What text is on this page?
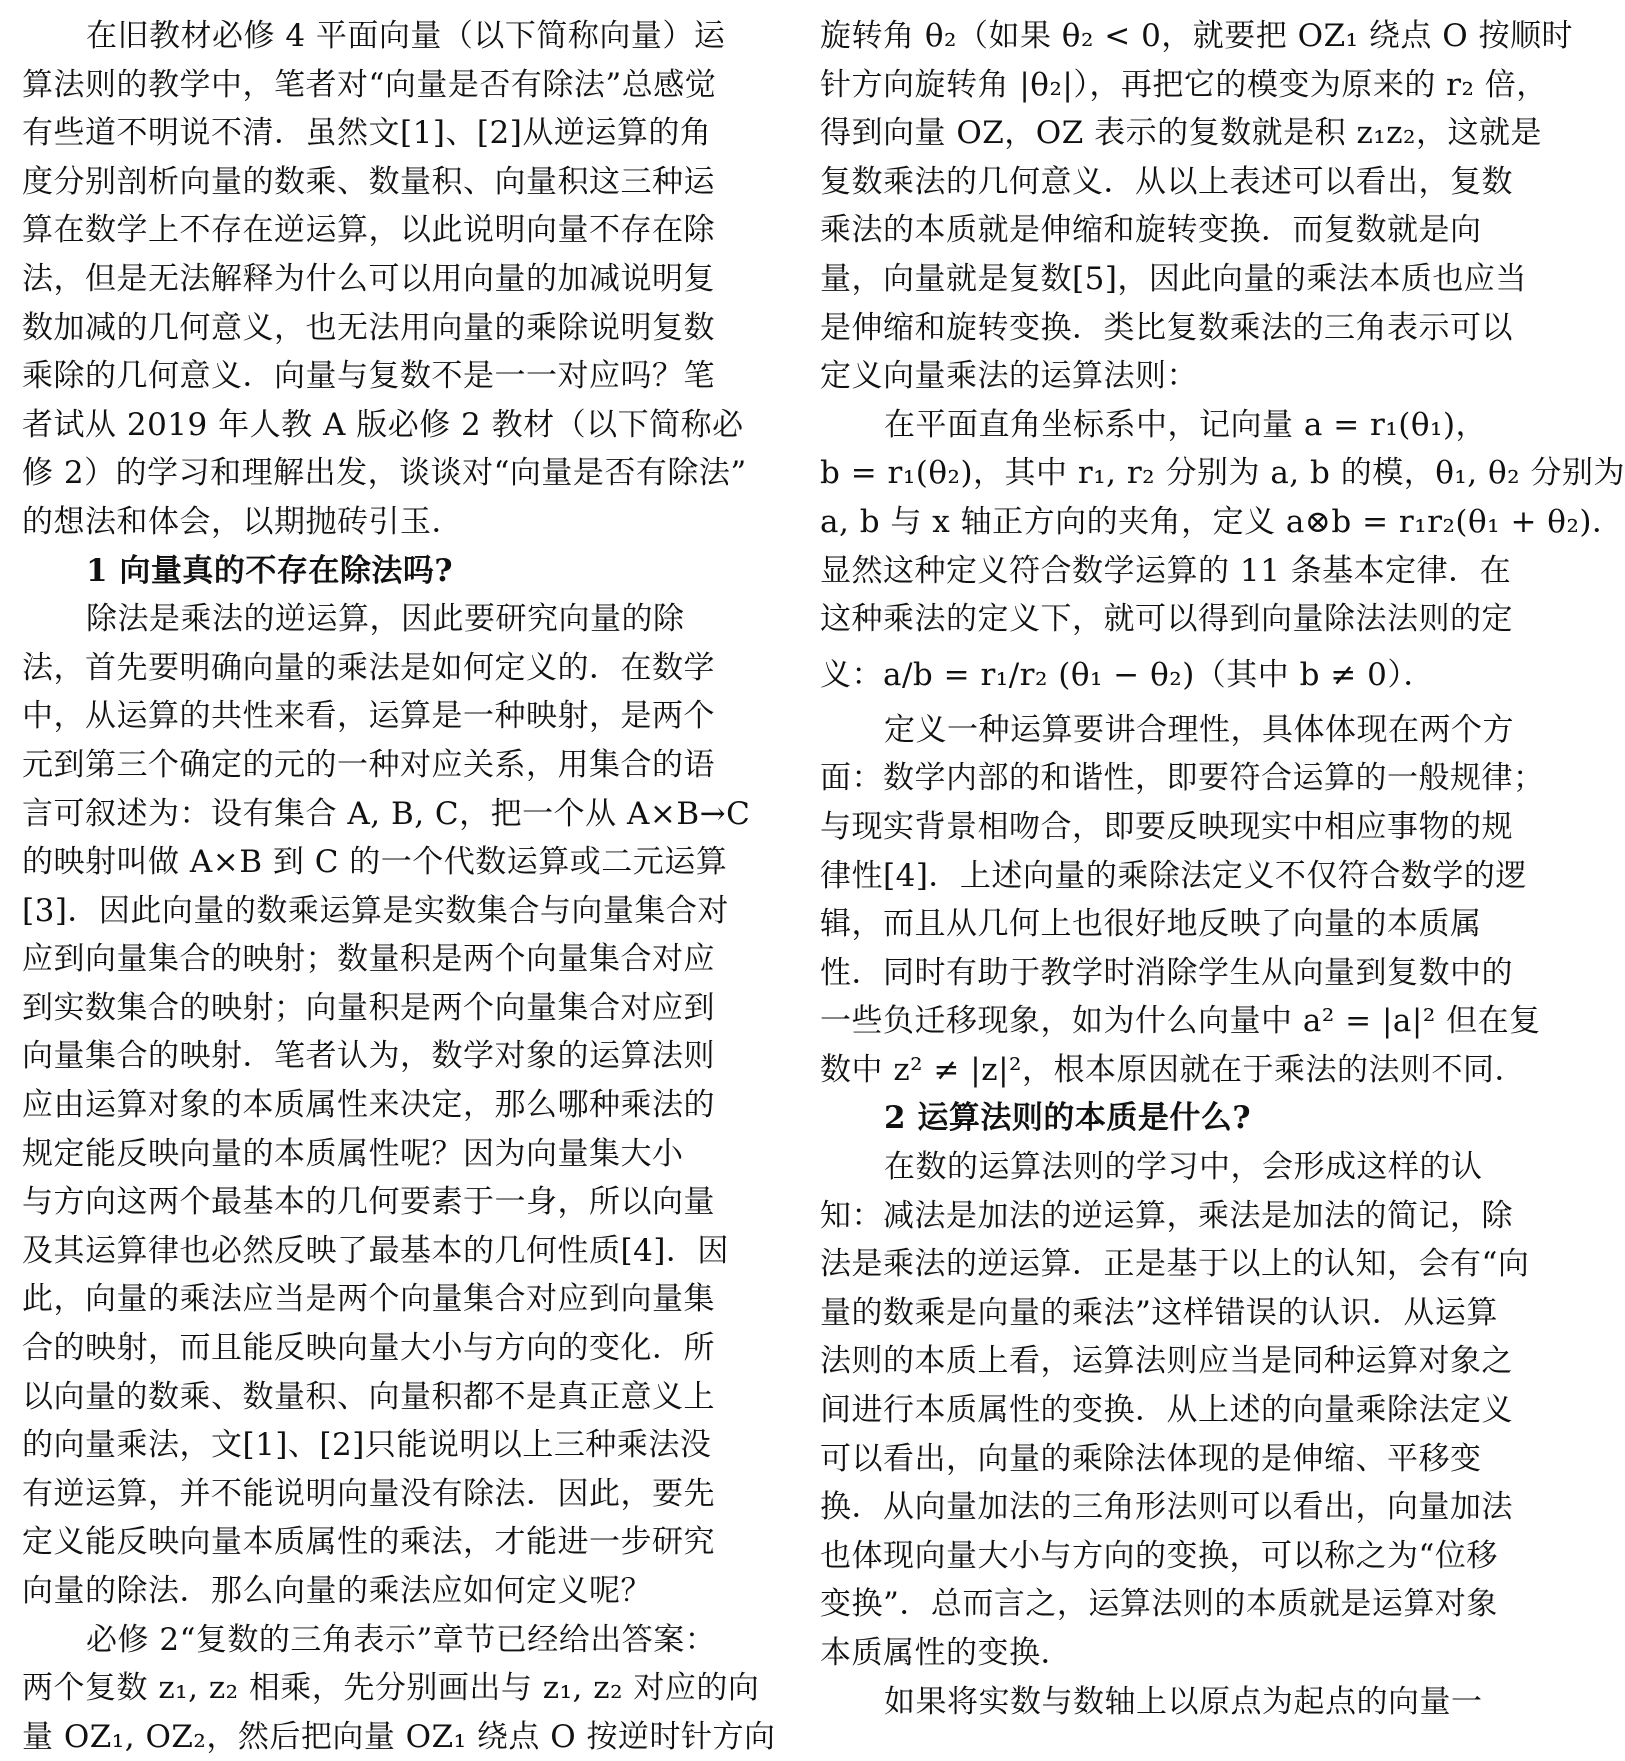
在旧教材必修 4 平面向量（以下简称向量）运
算法则的教学中，笔者对“向量是否有除法”总感觉
有些道不明说不清．虽然文[1]、[2]从逆运算的角
度分别剖析向量的数乘、数量积、向量积这三种运
算在数学上不存在逆运算，以此说明向量不存在除
法，但是无法解释为什么可以用向量的加减说明复
数加减的几何意义，也无法用向量的乘除说明复数
乘除的几何意义．向量与复数不是一一对应吗？笔
者试从 2019 年人教 A 版必修 2 教材（以下简称必
修 2）的学习和理解出发，谈谈对“向量是否有除法”
的想法和体会，以期抛砖引玉．
1 向量真的不存在除法吗?
除法是乘法的逆运算，因此要研究向量的除
法，首先要明确向量的乘法是如何定义的．在数学
中，从运算的共性来看，运算是一种映射，是两个
元到第三个确定的元的一种对应关系，用集合的语
言可叙述为：设有集合 A, B, C，把一个从 A×B→C
的映射叫做 A×B 到 C 的一个代数运算或二元运算
[3]．因此向量的数乘运算是实数集合与向量集合对
应到向量集合的映射；数量积是两个向量集合对应
到实数集合的映射；向量积是两个向量集合对应到
向量集合的映射．笔者认为，数学对象的运算法则
应由运算对象的本质属性来决定，那么哪种乘法的
规定能反映向量的本质属性呢？因为向量集大小
与方向这两个最基本的几何要素于一身，所以向量
及其运算律也必然反映了最基本的几何性质[4]．因
此，向量的乘法应当是两个向量集合对应到向量集
合的映射，而且能反映向量大小与方向的变化．所
以向量的数乘、数量积、向量积都不是真正意义上
的向量乘法，文[1]、[2]只能说明以上三种乘法没
有逆运算，并不能说明向量没有除法．因此，要先
定义能反映向量本质属性的乘法，才能进一步研究
向量的除法．那么向量的乘法应如何定义呢？
必修 2“复数的三角表示”章节已经给出答案：
两个复数 z₁, z₂ 相乘，先分别画出与 z₁, z₂ 对应的向
量 OZ₁, OZ₂，然后把向量 OZ₁ 绕点 O 按逆时针方向
旋转角 θ₂（如果 θ₂ < 0，就要把 OZ₁ 绕点 O 按顺时
针方向旋转角 |θ₂|），再把它的模变为原来的 r₂ 倍，
得到向量 OZ，OZ 表示的复数就是积 z₁z₂，这就是
复数乘法的几何意义．从以上表述可以看出，复数
乘法的本质就是伸缩和旋转变换．而复数就是向
量，向量就是复数[5]，因此向量的乘法本质也应当
是伸缩和旋转变换．类比复数乘法的三角表示可以
定义向量乘法的运算法则：
在平面直角坐标系中，记向量 a = r₁(θ₁)，
b = r₁(θ₂)，其中 r₁, r₂ 分别为 a, b 的模，θ₁, θ₂ 分别为
a, b 与 x 轴正方向的夹角，定义 a⊗b = r₁r₂(θ₁ + θ₂)．
显然这种定义符合数学运算的 11 条基本定律．在
这种乘法的定义下，就可以得到向量除法法则的定
义：a/b = r₁/r₂ (θ₁ − θ₂)（其中 b ≠ 0）．
定义一种运算要讲合理性，具体体现在两个方
面：数学内部的和谐性，即要符合运算的一般规律；
与现实背景相吻合，即要反映现实中相应事物的规
律性[4]．上述向量的乘除法定义不仅符合数学的逻
辑，而且从几何上也很好地反映了向量的本质属
性．同时有助于教学时消除学生从向量到复数中的
一些负迁移现象，如为什么向量中 a² = |a|² 但在复
数中 z² ≠ |z|²，根本原因就在于乘法的法则不同．
2 运算法则的本质是什么?
在数的运算法则的学习中，会形成这样的认
知：减法是加法的逆运算，乘法是加法的简记，除
法是乘法的逆运算．正是基于以上的认知，会有“向
量的数乘是向量的乘法”这样错误的认识．从运算
法则的本质上看，运算法则应当是同种运算对象之
间进行本质属性的变换．从上述的向量乘除法定义
可以看出，向量的乘除法体现的是伸缩、平移变
换．从向量加法的三角形法则可以看出，向量加法
也体现向量大小与方向的变换，可以称之为“位移
变换”．总而言之，运算法则的本质就是运算对象
本质属性的变换．
如果将实数与数轴上以原点为起点的向量一
